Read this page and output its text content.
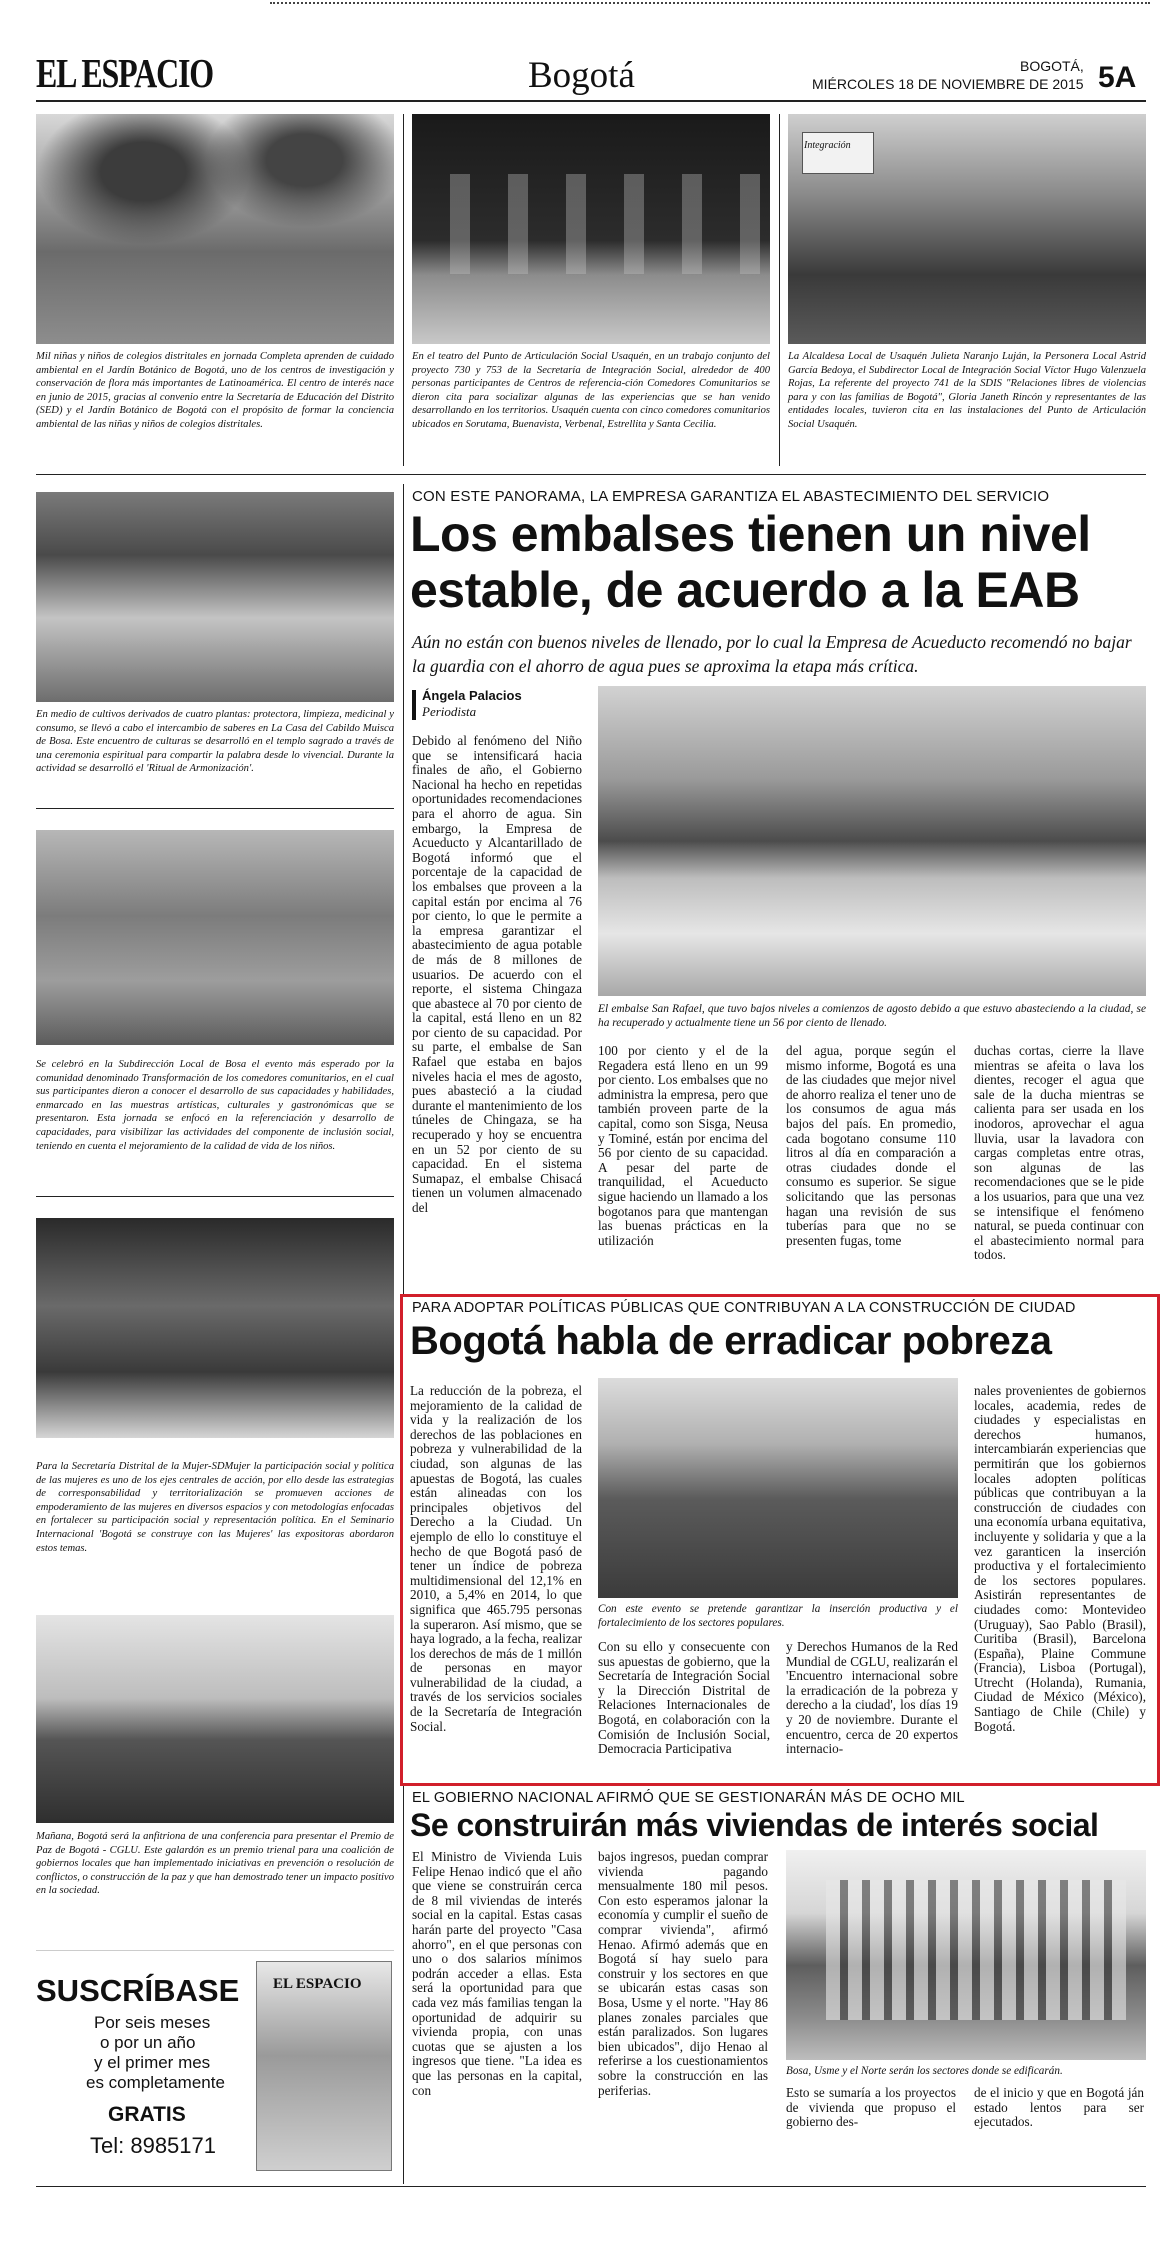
EL ESPACIO	Bogotá	BOGOTÁ,
MIÉRCOLES 18 DE NOVIEMBRE DE 2015 5A
Integración
Mil niñas y niños de colegios distritales en jornada Completa aprenden de cuidado ambiental en el Jardín Botánico de Bogotá, uno de los centros de investigación y conservación de flora más importantes de Latinoamérica. El centro de interés nace en junio de 2015, gracias al convenio entre la Secretaría de Educación del Distrito (SED) y el Jardín Botánico de Bogotá con el propósito de formar la conciencia ambiental de las niñas y niños de colegios distritales.
En el teatro del Punto de Articulación Social Usaquén, en un trabajo conjunto del proyecto 730 y 753 de la Secretaría de Integración Social, alrededor de 400 personas participantes de Centros de referencia-ción Comedores Comunitarios se dieron cita para socializar algunas de las experiencias que se han venido desarrollando en los territorios. Usaquén cuenta con cinco comedores comunitarios ubicados en Sorutama, Buenavista, Verbenal, Estrellita y Santa Cecilia.
La Alcaldesa Local de Usaquén Julieta Naranjo Luján, la Personera Local Astrid García Bedoya, el Subdirector Local de Integración Social Víctor Hugo Valenzuela Rojas, La referente del proyecto 741 de la SDIS "Relaciones libres de violencias para y con las familias de Bogotá", Gloria Janeth Rincón y representantes de las entidades locales, tuvieron cita en las instalaciones del Punto de Articulación Social Usaquén.
En medio de cultivos derivados de cuatro plantas: protectora, limpieza, medicinal y consumo, se llevó a cabo el intercambio de saberes en La Casa del Cabildo Muisca de Bosa. Este encuentro de culturas se desarrolló en el templo sagrado a través de una ceremonia espiritual para compartir la palabra desde lo vivencial. Durante la actividad se desarrolló el 'Ritual de Armonización'.
Se celebró en la Subdirección Local de Bosa el evento más esperado por la comunidad denominado Transformación de los comedores comunitarios, en el cual sus participantes dieron a conocer el desarrollo de sus capacidades y habilidades, enmarcado en las muestras artísticas, culturales y gastronómicas que se presentaron. Esta jornada se enfocó en la referenciación y desarrollo de capacidades, para visibilizar las actividades del componente de inclusión social, teniendo en cuenta el mejoramiento de la calidad de vida de los niños.
Para la Secretaría Distrital de la Mujer-SDMujer la participación social y política de las mujeres es uno de los ejes centrales de acción, por ello desde las estrategias de corresponsabilidad y territorialización se promueven acciones de empoderamiento de las mujeres en diversos espacios y con metodologías enfocadas en fortalecer su participación social y representación política. En el Seminario Internacional 'Bogotá se construye con las Mujeres' las expositoras abordaron estos temas.
Mañana, Bogotá será la anfitriona de una conferencia para presentar el Premio de Paz de Bogotá - CGLU. Este galardón es un premio trienal para una coalición de gobiernos locales que han implementado iniciativas en prevención o resolución de conflictos, o construcción de la paz y que han demostrado tener un impacto positivo en la sociedad.
SUSCRÍBASE
Por seis meses
o por un año
y el primer mes
es completamente
GRATIS
Tel: 8985171
EL ESPACIO
CON ESTE PANORAMA, LA EMPRESA GARANTIZA EL ABASTECIMIENTO DEL SERVICIO
Los embalses tienen un nivel
estable, de acuerdo a la EAB
Aún no están con buenos niveles de llenado, por lo cual la Empresa de Acueducto recomendó no bajar la guardia con el ahorro de agua pues se aproxima la etapa más crítica.
Ángela Palacios
Periodista
Debido al fenómeno del Niño que se intensificará hacia finales de año, el Gobierno Nacional ha hecho en repetidas oportunidades recomendaciones para el ahorro de agua. Sin embargo, la Empresa de Acueducto y Alcantarillado de Bogotá informó que el porcentaje de la capacidad de los embalses que proveen a la capital están por encima al 76 por ciento, lo que le permite a la empresa garantizar el abastecimiento de agua potable de más de 8 millones de usuarios. De acuerdo con el reporte, el sistema Chingaza que abastece al 70 por ciento de la capital, está lleno en un 82 por ciento de su capacidad. Por su parte, el embalse de San Rafael que estaba en bajos niveles hacia el mes de agosto, pues abasteció a la ciudad durante el mantenimiento de los túneles de Chingaza, se ha recuperado y hoy se encuentra en un 52 por ciento de su capacidad. En el sistema Sumapaz, el embalse Chisacá tienen un volumen almacenado del
El embalse San Rafael, que tuvo bajos niveles a comienzos de agosto debido a que estuvo abasteciendo a la ciudad, se ha recuperado y actualmente tiene un 56 por ciento de llenado.
100 por ciento y el de la Regadera está lleno en un 99 por ciento. Los embalses que no administra la empresa, pero que también proveen parte de la capital, como son Sisga, Neusa y Tominé, están por encima del 56 por ciento de su capacidad. A pesar del parte de tranquilidad, el Acueducto sigue haciendo un llamado a los bogotanos para que mantengan las buenas prácticas en la utilización
del agua, porque según el mismo informe, Bogotá es una de las ciudades que mejor nivel de ahorro realiza el tener uno de los consumos de agua más bajos del país. En promedio, cada bogotano consume 110 litros al día en comparación a otras ciudades donde el consumo es superior. Se sigue solicitando que las personas hagan una revisión de sus tuberías para que no se presenten fugas, tome
duchas cortas, cierre la llave mientras se afeita o lava los dientes, recoger el agua que sale de la ducha mientras se calienta para ser usada en los inodoros, aprovechar el agua lluvia, usar la lavadora con cargas completas entre otras, son algunas de las recomendaciones que se le pide a los usuarios, para que una vez se intensifique el fenómeno natural, se pueda continuar con el abastecimiento normal para todos.
PARA ADOPTAR POLÍTICAS PÚBLICAS QUE CONTRIBUYAN A LA CONSTRUCCIÓN DE CIUDAD
Bogotá habla de erradicar pobreza
La reducción de la pobreza, el mejoramiento de la calidad de vida y la realización de los derechos de las poblaciones en pobreza y vulnerabilidad de la ciudad, son algunas de las apuestas de Bogotá, las cuales están alineadas con los principales objetivos del Derecho a la Ciudad. Un ejemplo de ello lo constituye el hecho de que Bogotá pasó de tener un índice de pobreza multidimensional del 12,1% en 2010, a 5,4% en 2014, lo que significa que 465.795 personas la superaron. Así mismo, que se haya logrado, a la fecha, realizar los derechos de más de 1 millón de personas en mayor vulnerabilidad de la ciudad, a través de los servicios sociales de la Secretaría de Integración Social.
Con este evento se pretende garantizar la inserción productiva y el fortalecimiento de los sectores populares.
Con su ello y consecuente con sus apuestas de gobierno, que la Secretaría de Integración Social y la Dirección Distrital de Relaciones Internacionales de Bogotá, en colaboración con la Comisión de Inclusión Social, Democracia Participativa
y Derechos Humanos de la Red Mundial de CGLU, realizarán el 'Encuentro internacional sobre la erradicación de la pobreza y derecho a la ciudad', los días 19 y 20 de noviembre. Durante el encuentro, cerca de 20 expertos internacio-
nales provenientes de gobiernos locales, academia, redes de ciudades y especialistas en derechos humanos, intercambiarán experiencias que permitirán que los gobiernos locales adopten políticas públicas que contribuyan a la construcción de ciudades con una economía urbana equitativa, incluyente y solidaria y que a la vez garanticen la inserción productiva y el fortalecimiento de los sectores populares. Asistirán representantes de ciudades como: Montevideo (Uruguay), Sao Pablo (Brasil), Curitiba (Brasil), Barcelona (España), Plaine Commune (Francia), Lisboa (Portugal), Utrecht (Holanda), Rumania, Ciudad de México (México), Santiago de Chile (Chile) y Bogotá.
EL GOBIERNO NACIONAL AFIRMÓ QUE SE GESTIONARÁN MÁS DE OCHO MIL
Se construirán más viviendas de interés social
El Ministro de Vivienda Luis Felipe Henao indicó que el año que viene se construirán cerca de 8 mil viviendas de interés social en la capital. Estas casas harán parte del proyecto "Casa ahorro", en el que personas con uno o dos salarios mínimos podrán acceder a ellas. Esta será la oportunidad para que cada vez más familias tengan la oportunidad de adquirir su vivienda propia, con unas cuotas que se ajusten a los ingresos que tiene. "La idea es que las personas en la capital, con
bajos ingresos, puedan comprar vivienda pagando mensualmente 180 mil pesos. Con esto esperamos jalonar la economía y cumplir el sueño de comprar vivienda", afirmó Henao. Afirmó además que en Bogotá sí hay suelo para construir y los sectores en que se ubicarán estas casas son Bosa, Usme y el norte. "Hay 86 planes zonales parciales que están paralizados. Son lugares bien ubicados", dijo Henao al referirse a los cuestionamientos sobre la construcción en las periferias.
Bosa, Usme y el Norte serán los sectores donde se edificarán.
Esto se sumaría a los proyectos de vivienda que propuso el gobierno des-
de el inicio y que en Bogotá ján estado lentos para ser ejecutados.
